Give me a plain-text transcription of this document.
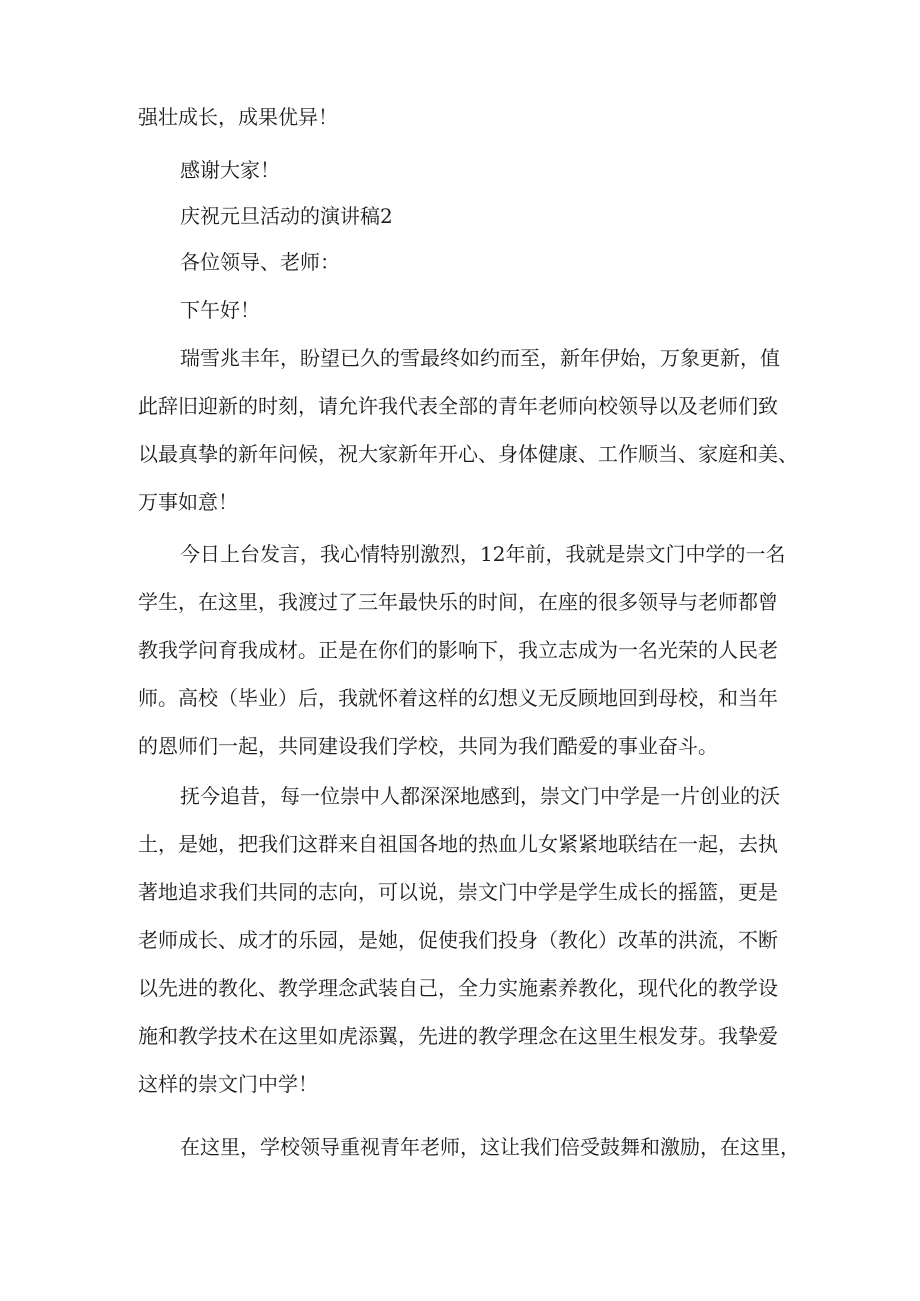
强壮成长，成果优异！
感谢大家！
庆祝元旦活动的演讲稿2
各位领导、老师：
下午好！
瑞雪兆丰年，盼望已久的雪最终如约而至，新年伊始，万象更新，值
此辞旧迎新的时刻，请允许我代表全部的青年老师向校领导以及老师们致
以最真挚的新年问候，祝大家新年开心、身体健康、工作顺当、家庭和美、
万事如意！
今日上台发言，我心情特别激烈，12年前，我就是崇文门中学的一名
学生，在这里，我渡过了三年最快乐的时间，在座的很多领导与老师都曾
教我学问育我成材。正是在你们的影响下，我立志成为一名光荣的人民老
师。高校（毕业）后，我就怀着这样的幻想义无反顾地回到母校，和当年
的恩师们一起，共同建设我们学校，共同为我们酷爱的事业奋斗。
抚今追昔，每一位崇中人都深深地感到，崇文门中学是一片创业的沃
土，是她，把我们这群来自祖国各地的热血儿女紧紧地联结在一起，去执
著地追求我们共同的志向，可以说，崇文门中学是学生成长的摇篮，更是
老师成长、成才的乐园，是她，促使我们投身（教化）改革的洪流，不断
以先进的教化、教学理念武装自己，全力实施素养教化，现代化的教学设
施和教学技术在这里如虎添翼，先进的教学理念在这里生根发芽。我挚爱
这样的崇文门中学！
在这里，学校领导重视青年老师，这让我们倍受鼓舞和激励，在这里，
